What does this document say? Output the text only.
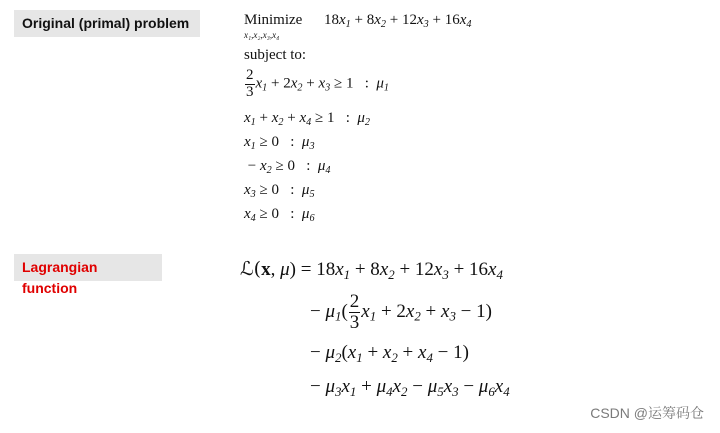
Original (primal) problem	Minimize
x₁,x₂,x₃,x₄
$18x_1 + 8x_2 + 12x_3 + 16x_4$
subject to:
$\frac{2}{3} x_1 + 2x_2 + x_3 \ge 1$   :  $\mu_1$
$x_1 + x_2 + x_4 \ge 1$   :  $\mu_2$
$x_1 \ge 0$   :  $\mu_3$
− $x_2 \ge 0$   :  $\mu_4$
$x_3 \ge 0$   :  $\mu_5$
$x_4 \ge 0$   :  $\mu_6$
Lagrangian function
ℒ(x, $\mu) = 18x_1 + 8x_2 + 12x_3 + 16x_4$
− $\mu_1( \frac{2}{3} x_1 + 2x_2 + x_3 - 1)$
− $\mu_2(x_1 + x_2 + x_4 - 1)$
− $\mu_3x_1 + \mu_4x_2 - \mu_5x_3 - \mu_6x_4$
CSDN @运筹码仓
